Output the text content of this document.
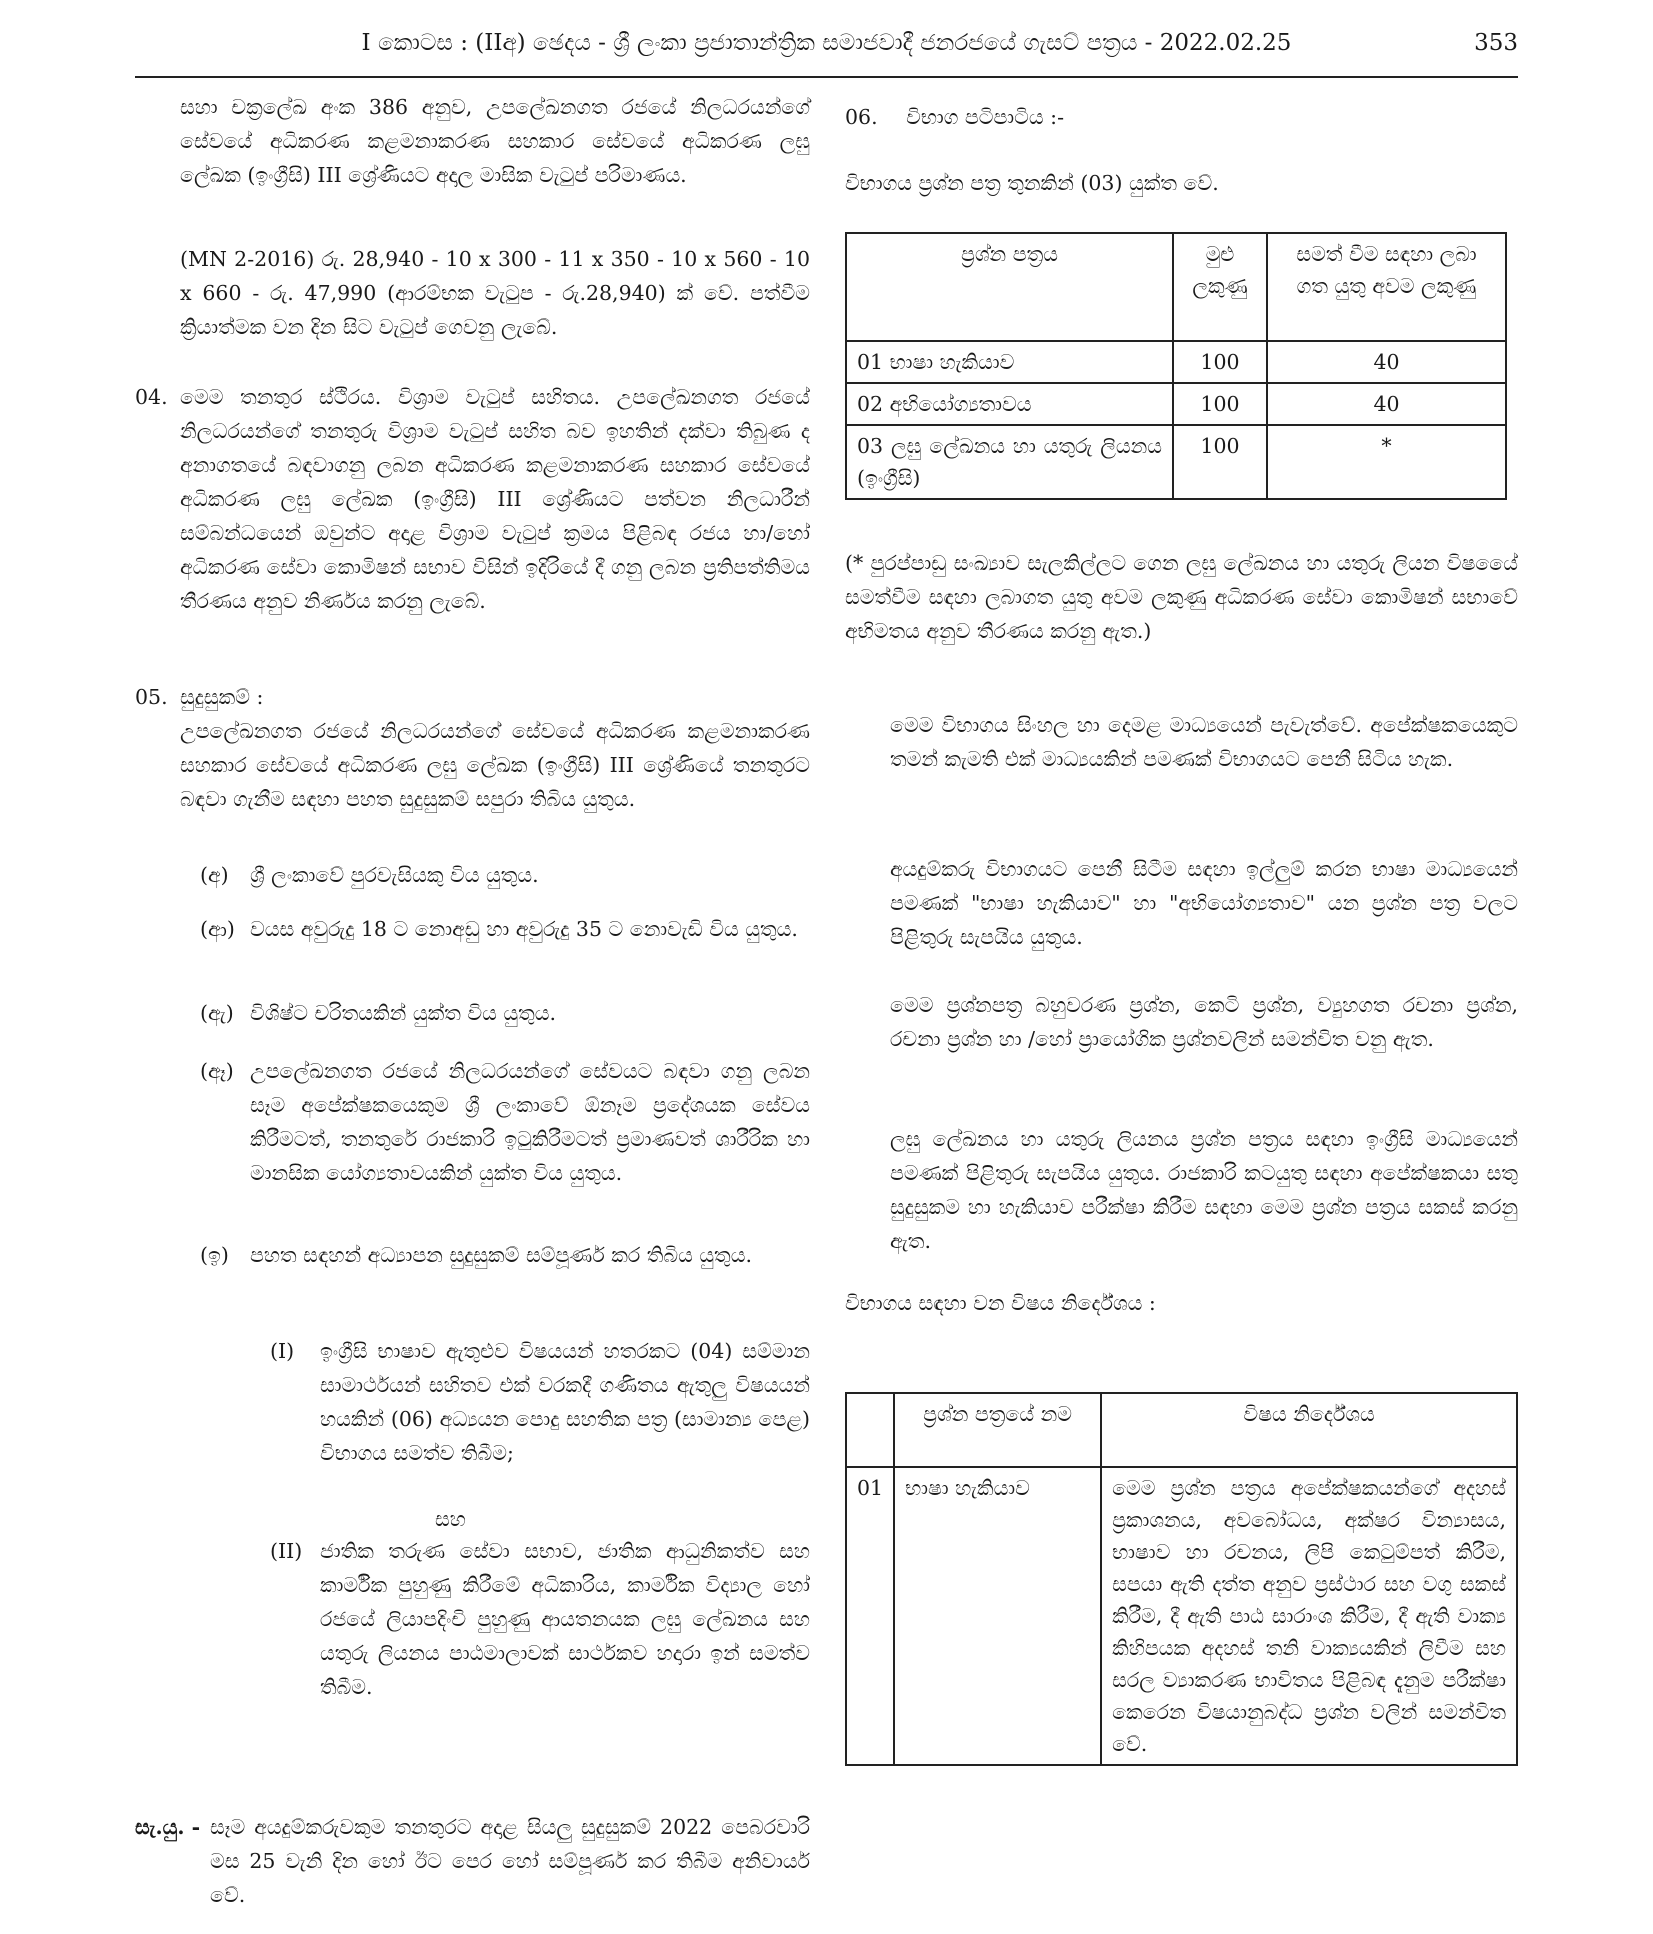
I කොටස : (IIඅ) ඡෙදය - ශ්‍රී ලංකා ප්‍රජාතාන්ත්‍රික සමාජවාදී ජනරජයේ ගැසට් පත්‍රය - 2022.02.25	353

සහා චක්‍රලේඛ අංක 386 අනුව, උපලේඛනගත රජයේ නිලධරයන්ගේ සේවයේ අධිකරණ කළමනාකරණ සහකාර සේවයේ අධිකරණ ලඝු ලේඛක (ඉංග්‍රීසි) III ශ්‍රේණියට අදාල මාසික වැටුප් පරිමාණය.

(MN 2-2016) රු. 28,940 - 10 x 300 - 11 x 350 - 10 x 560 - 10 x 660 - රු. 47,990 (ආරම්භක වැටුප - රු.28,940) ක් වේ. පත්වීම ක්‍රියාත්මක වන දින සිට වැටුප් ගෙවනු ලැබේ.

04. මෙම තනතුර ස්ථිරය. විශ්‍රාම වැටුප් සහිතය. උපලේඛනගත රජයේ නිලධරයන්ගේ තනතුරු විශ්‍රාම වැටුප් සහිත බව ඉහතින් දක්වා තිබුණ ද අනාගතයේ බඳවාගනු ලබන අධිකරණ කළමනාකරණ සහකාර සේවයේ අධිකරණ ලඝු ලේඛක (ඉංග්‍රීසි) III ශ්‍රේණියට පත්වන නිලධාරීන් සම්බන්ධයෙන් ඔවුන්ට අදාළ විශ්‍රාම වැටුප් ක්‍රමය පිළිබඳ රජය හා/හෝ අධිකරණ සේවා කොමිෂන් සභාව විසින් ඉදිරියේ දී ගනු ලබන ප්‍රතිපත්තිමය තීරණය අනුව නිර්ණය කරනු ලැබේ.

05. සුදුසුකම් :

උපලේඛනගත රජයේ නිලධරයන්ගේ සේවයේ අධිකරණ කළමනාකරණ සහකාර සේවයේ අධිකරණ ලඝු ලේඛක (ඉංග්‍රීසි) III ශ්‍රේණියේ තනතුරට බඳවා ගැනීම සඳහා පහත සුදුසුකම් සපුරා තිබිය යුතුය.

(අ) ශ්‍රී ලංකාවේ පුරවැසියකු විය යුතුය.

(ආ) වයස අවුරුදු 18 ට නොඅඩු හා අවුරුදු 35 ට නොවැඩි විය යුතුය.

(ඇ) විශිෂ්ට චරිතයකින් යුක්ත විය යුතුය.

(ඈ) උපලේඛනගත රජයේ නිලධරයන්ගේ සේවයට බඳවා ගනු ලබන සෑම අපේක්ෂකයෙකුම ශ්‍රී ලංකාවේ ඕනෑම ප්‍රදේශයක සේවය කිරීමටත්, තනතුරේ රාජකාරි ඉටුකිරීමටත් ප්‍රමාණවත් ශාරීරික හා මානසික යෝග්‍යතාවයකින් යුක්ත විය යුතුය.

(ඉ) පහත සඳහන් අධ්‍යාපන සුදුසුකම් සම්පූර්ණ කර තිබිය යුතුය.

(I) ඉංග්‍රීසි භාෂාව ඇතුළුව විෂයයන් හතරකට (04) සම්මාන සාමාර්ථයන් සහිතව එක් වරකදී ගණිතය ඇතුලු විෂයයන් හයකින් (06) අධ්‍යයන පොදු සහතික පත්‍ර (සාමාන්‍ය පෙළ) විභාගය සමත්ව තිබීම;

සහ
(II) ජාතික තරුණ සේවා සභාව, ජාතික ආධුනිකත්ව සහ කාර්මික පුහුණු කිරීමේ අධිකාරිය, කාර්මික විද්‍යාල හෝ රජයේ ලියාපදිංචි පුහුණු ආයතනයක ලඝු ලේඛනය සහ යතුරු ලියනය පාඨමාලාවක් සාර්ථකව හදාරා ඉන් සමත්ව තිබීම.

සැ.යු. - සෑම අයදුම්කරුවකුම තනතුරට අදාළ සියලු සුදුසුකම් 2022 පෙබරවාරි මස 25 වැනි දින හෝ ඊට පෙර හෝ සම්පූර්ණ කර තිබීම අනිවාර්ය වේ.

06. විභාග පටිපාටිය :-
විභාගය ප්‍රශ්න පත්‍ර තුනකින් (03) යුක්ත වේ.
ප්‍රශ්න පත්‍රය	මුළු ලකුණු	සමත් වීම සඳහා ලබා ගත යුතු අවම ලකුණු
01 භාෂා හැකියාව	100	40
02 අභියෝග්‍යතාවය	100	40
03 ලඝු ලේඛනය හා යතුරු ලියනය (ඉංග්‍රීසි)	100	*

(* පුරප්පාඩු සංඛ්‍යාව සැලකිල්ලට ගෙන ලඝු ලේඛනය හා යතුරු ලියන විෂයෙේ සමත්වීම සඳහා ලබාගත යුතු අවම ලකුණු අධිකරණ සේවා කොමිෂන් සභාවේ අභිමතය අනුව තීරණය කරනු ඇත.)

මෙම විභාගය සිංහල හා දෙමළ මාධ්‍යයෙන් පැවැත්වේ. අපේක්ෂකයෙකුට තමන් කැමති එක් මාධ්‍යයකින් පමණක් විභාගයට පෙනී සිටිය හැක.

අයදුම්කරු විභාගයට පෙනී සිටීම සඳහා ඉල්ලුම් කරන භාෂා මාධ්‍යයෙන් පමණක් "භාෂා හැකියාව" හා "අභියෝග්‍යතාව" යන ප්‍රශ්න පත්‍ර වලට පිළිතුරු සැපයිය යුතුය.

මෙම ප්‍රශ්නපත්‍ර බහුවරණ ප්‍රශ්න, කෙටි ප්‍රශ්න, ව්‍යුහගත රචනා ප්‍රශ්න, රචනා ප්‍රශ්න හා /හෝ ප්‍රායෝගික ප්‍රශ්නවලින් සමන්විත වනු ඇත.

ලඝු ලේඛනය හා යතුරු ලියනය ප්‍රශ්න පත්‍රය සඳහා ඉංග්‍රීසි මාධ්‍යයෙන් පමණක් පිළිතුරු සැපයිය යුතුය. රාජකාරි කටයුතු සඳහා අපේක්ෂකයා සතු සුදුසුකම හා හැකියාව පරීක්ෂා කිරීම සඳහා මෙම ප්‍රශ්න පත්‍රය සකස් කරනු ඇත.

විභාගය සඳහා වන විෂය නිර්දේශය :
	ප්‍රශ්න පත්‍රයේ නම	විෂය නිර්දේශය
01	භාෂා හැකියාව	මෙම ප්‍රශ්න පත්‍රය අපේක්ෂකයන්ගේ අදහස් ප්‍රකාශනය, අවබෝධය, අක්ෂර වින්‍යාසය, භාෂාව හා රචනය, ලිපි කෙටුම්පත් කිරීම, සපයා ඇති දත්ත අනුව ප්‍රස්ථාර සහ වගු සකස් කිරීම, දී ඇති පාඨ සාරාංශ කිරීම, දී ඇති වාක්‍ය කිහිපයක අදහස් තනි වාක්‍යයකින් ලිවීම සහ සරල ව්‍යාකරණ භාවිතය පිළිබඳ දැනුම පරීක්ෂා කෙරෙන විෂයානුබද්ධ ප්‍රශ්න වලින් සමන්විත වේ.
